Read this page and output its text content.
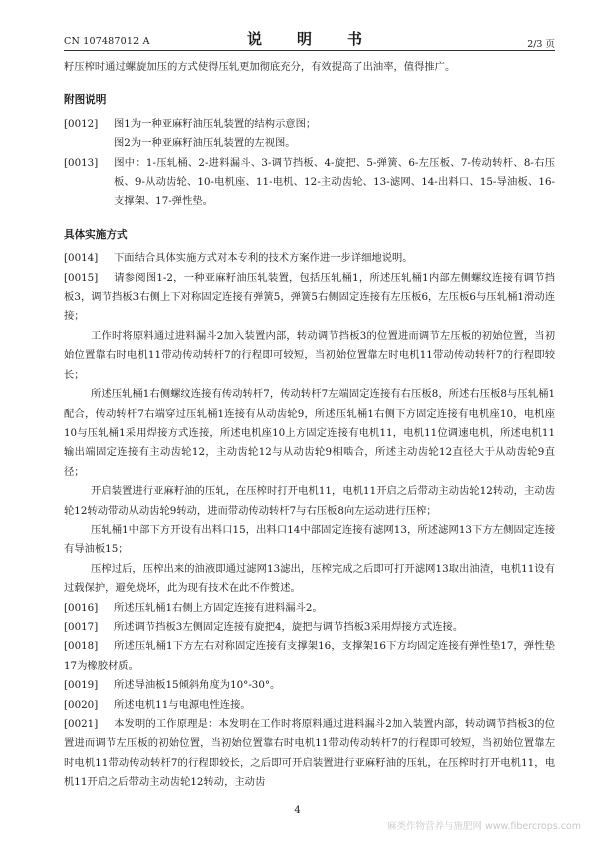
CN 107487012 A	说　明　书	2/3 页

籽压榨时通过螺旋加压的方式使得压轧更加彻底充分，有效提高了出油率，值得推广。

附图说明

[0012] 图1为一种亚麻籽油压轧装置的结构示意图；

图2为一种亚麻籽油压轧装置的左视图。

[0013] 图中：1-压轧桶、2-进料漏斗、3-调节挡板、4-旋把、5-弹簧、6-左压板、7-传动转杆、8-右压板、9-从动齿轮、10-电机座、11-电机、12-主动齿轮、13-滤网、14-出料口、15-导油板、16-支撑架、17-弹性垫。

具体实施方式

[0014] 下面结合具体实施方式对本专利的技术方案作进一步详细地说明。

[0015] 请参阅图1-2，一种亚麻籽油压轧装置，包括压轧桶1，所述压轧桶1内部左侧螺纹连接有调节挡板3，调节挡板3右侧上下对称固定连接有弹簧5，弹簧5右侧固定连接有左压板6，左压板6与压轧桶1滑动连接；

工作时将原料通过进料漏斗2加入装置内部，转动调节挡板3的位置进而调节左压板的初始位置，当初始位置靠右时电机11带动传动转杆7的行程即可较短，当初始位置靠左时电机11带动传动转杆7的行程即较长；

所述压轧桶1右侧螺纹连接有传动转杆7，传动转杆7左端固定连接有右压板8，所述右压板8与压轧桶1配合，传动转杆7右端穿过压轧桶1连接有从动齿轮9，所述压轧桶1右侧下方固定连接有电机座10，电机座10与压轧桶1采用焊接方式连接，所述电机座10上方固定连接有电机11，电机11位调速电机，所述电机11输出端固定连接有主动齿轮12，主动齿轮12与从动齿轮9相啮合，所述主动齿轮12直径大于从动齿轮9直径；

开启装置进行亚麻籽油的压轧，在压榨时打开电机11，电机11开启之后带动主动齿轮12转动，主动齿轮12转动带动从动齿轮9转动，进而带动传动转杆7与右压板8向左运动进行压榨；

压轧桶1中部下方开设有出料口15，出料口14中部固定连接有滤网13，所述滤网13下方左侧固定连接有导油板15；

压榨过后，压榨出来的油液即通过滤网13滤出，压榨完成之后即可打开滤网13取出油渣，电机11设有过载保护，避免烧坏，此为现有技术在此不作赘述。

[0016] 所述压轧桶1右侧上方固定连接有进料漏斗2。

[0017] 所述调节挡板3左侧固定连接有旋把4，旋把与调节挡板3采用焊接方式连接。

[0018] 所述压轧桶1下方左右对称固定连接有支撑架16，支撑架16下方均固定连接有弹性垫17，弹性垫17为橡胶材质。

[0019] 所述导油板15倾斜角度为10°-30°。

[0020] 所述电机11与电源电性连接。

[0021] 本发明的工作原理是：本发明在工作时将原料通过进料漏斗2加入装置内部，转动调节挡板3的位置进而调节左压板的初始位置，当初始位置靠右时电机11带动传动转杆7的行程即可较短，当初始位置靠左时电机11带动传动转杆7的行程即较长，之后即可开启装置进行亚麻籽油的压轧，在压榨时打开电机11，电机11开启之后带动主动齿轮12转动，主动齿

4
麻类作物营养与施肥网 www.fibercrops.com
